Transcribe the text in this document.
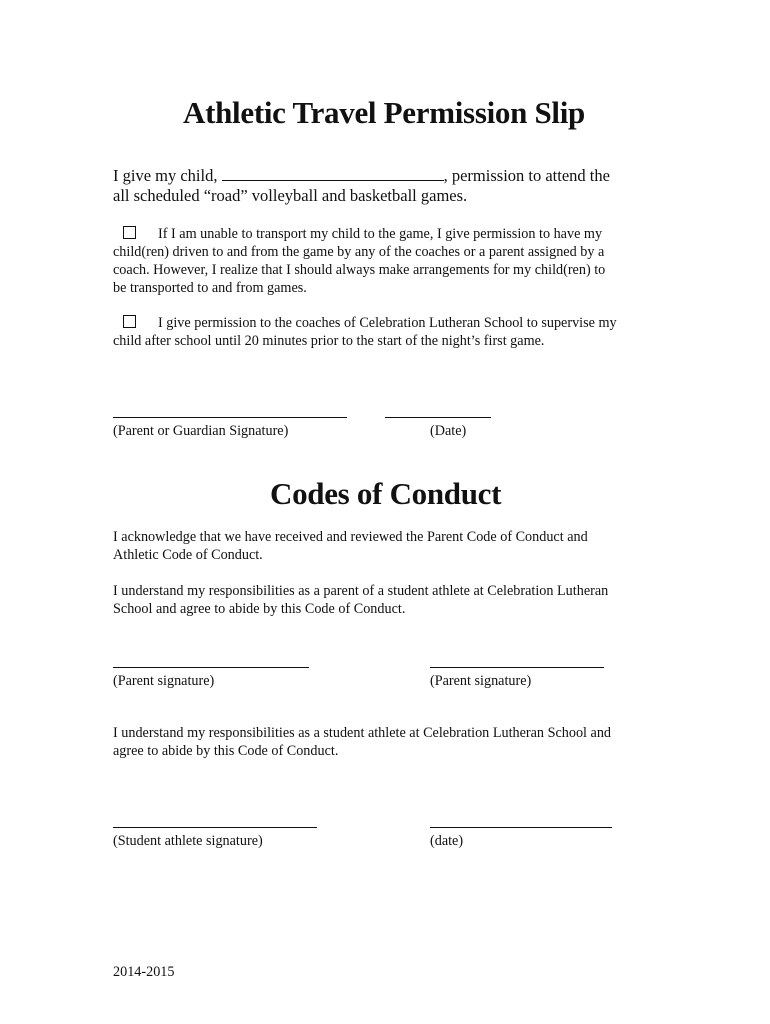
Athletic Travel Permission Slip
I give my child,	, permission to attend the
all scheduled “road” volleyball and basketball games.
If I am unable to transport my child to the game, I give permission to have my
child(ren) driven to and from the game by any of the coaches or a parent assigned by a
coach. However, I realize that I should always make arrangements for my child(ren) to
be transported to and from games.
I give permission to the coaches of Celebration Lutheran School to supervise my
child after school until 20 minutes prior to the start of the night’s first game.
(Parent or Guardian Signature)	(Date)
Codes of Conduct
I acknowledge that we have received and reviewed the Parent Code of Conduct and
Athletic Code of Conduct.
I understand my responsibilities as a parent of a student athlete at Celebration Lutheran
School and agree to abide by this Code of Conduct.
(Parent signature)	(Parent signature)
I understand my responsibilities as a student athlete at Celebration Lutheran School and
agree to abide by this Code of Conduct.
(Student athlete signature)	(date)
2014-2015
